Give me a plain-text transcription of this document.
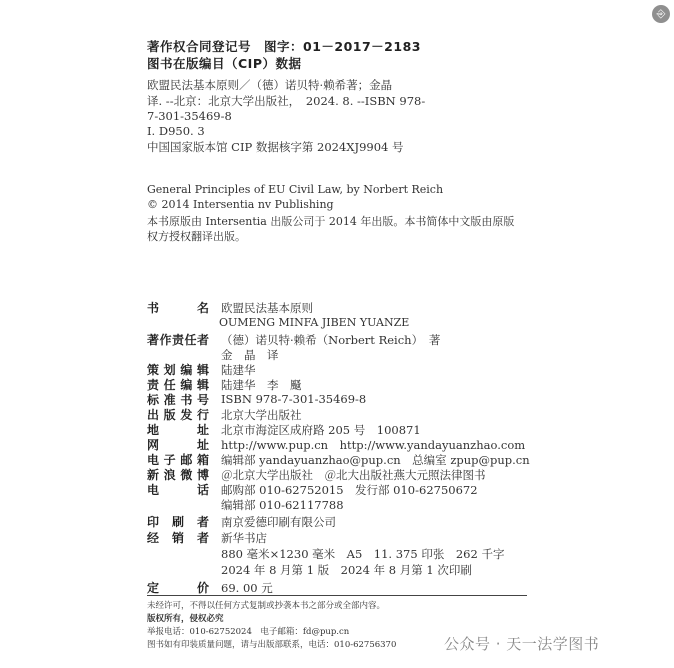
⎆
著作权合同登记号　图字：01－2017－2183
图书在版编目（CIP）数据
欧盟民法基本原则／（德）诺贝特·赖希著；金晶
译. --北京：北京大学出版社，　2024. 8. --ISBN 978-
7-301-35469-8
Ⅰ. D950. 3
中国国家版本馆 CIP 数据核字第 2024XJ9904 号
General Principles of EU Civil Law, by Norbert Reich
© 2014 Intersentia nv Publishing
本书原版由 Intersentia 出版公司于 2014 年出版。本书简体中文版由原版
权方授权翻译出版。
书　名 欧盟民法基本原则
OUMENG MINFA JIBEN YUANZE
著作责任者 （德）诺贝特·赖希（Norbert Reich）　著
金　晶　译
策划编辑 陆建华
责任编辑 陆建华　李　颾
标准书号 ISBN 978-7-301-35469-8
出版发行 北京大学出版社
地　址 北京市海淀区成府路 205 号　100871
网　址 http://www.pup.cn　http://www.yandayuanzhao.com
电子邮箱 编辑部 yandayuanzhao@pup.cn　总编室 zpup@pup.cn
新浪微博 ＠北京大学出版社　＠北大出版社燕大元照法律图书
电　话 邮购部 010-62752015　发行部 010-62750672
编辑部 010-62117788
印 刷 者 南京爱德印刷有限公司
经 销 者 新华书店
880 毫米×1230 毫米　A5　11. 375 印张　262 千字
2024 年 8 月第 1 版　2024 年 8 月第 1 次印刷
定　价 69. 00 元
未经许可，不得以任何方式复制或抄袭本书之部分或全部内容。
版权所有，侵权必究
举报电话：010-62752024　电子邮箱：fd@pup.cn
图书如有印装质量问题，请与出版部联系，电话：010-62756370	公众号 · 天一法学图书
